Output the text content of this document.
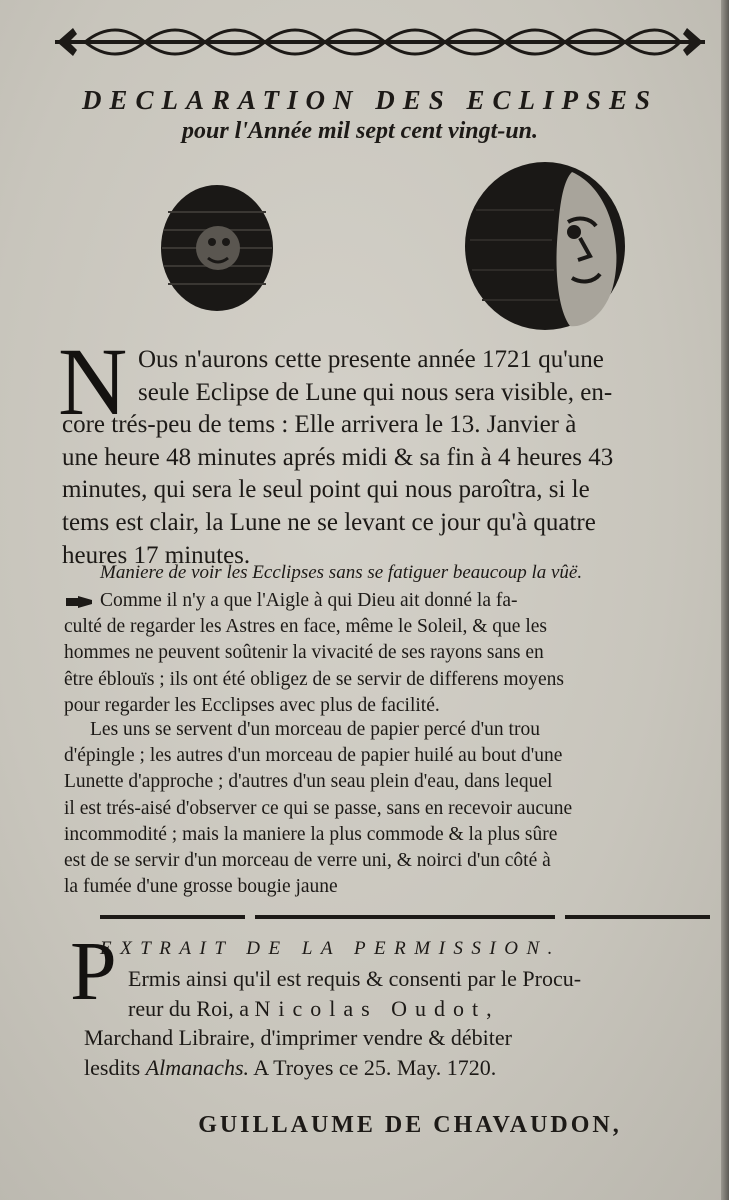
DECLARATION DES ECLIPSES
pour l'Année mil sept cent vingt-un.
N Ous n'aurons cette presente année 1721 qu'une
seule Eclipse de Lune qui nous sera visible, en-
core trés-peu de tems : Elle arrivera le 13. Janvier à
une heure 48 minutes aprés midi & sa fin à 4 heures 43
minutes, qui sera le seul point qui nous paroîtra, si le
tems est clair, la Lune ne se levant ce jour qu'à quatre
heures 17 minutes.
Maniere de voir les Ecclipses sans se fatiguer beaucoup la vûë.
Comme il n'y a que l'Aigle à qui Dieu ait donné la fa-
culté de regarder les Astres en face, même le Soleil, & que les
hommes ne peuvent soûtenir la vivacité de ses rayons sans en
être éblouïs ; ils ont été obligez de se servir de differens moyens
pour regarder les Ecclipses avec plus de facilité.
Les uns se servent d'un morceau de papier percé d'un trou
d'épingle ; les autres d'un morceau de papier huilé au bout d'une
Lunette d'approche ; d'autres d'un seau plein d'eau, dans lequel
il est trés-aisé d'observer ce qui se passe, sans en recevoir aucune
incommodité ; mais la maniere la plus commode & la plus sûre
est de se servir d'un morceau de verre uni, & noirci d'un côté à
la fumée d'une grosse bougie jaune
EXTRAIT DE LA PERMISSION.
P Ermis ainsi qu'il est requis & consenti par le Procu-
reur du Roi, a Nicolas Oudot,
Marchand Libraire, d'imprimer vendre & débiter
lesdits Almanachs. A Troyes ce 25. May. 1720.
GUILLAUME DE CHAVAUDON,
